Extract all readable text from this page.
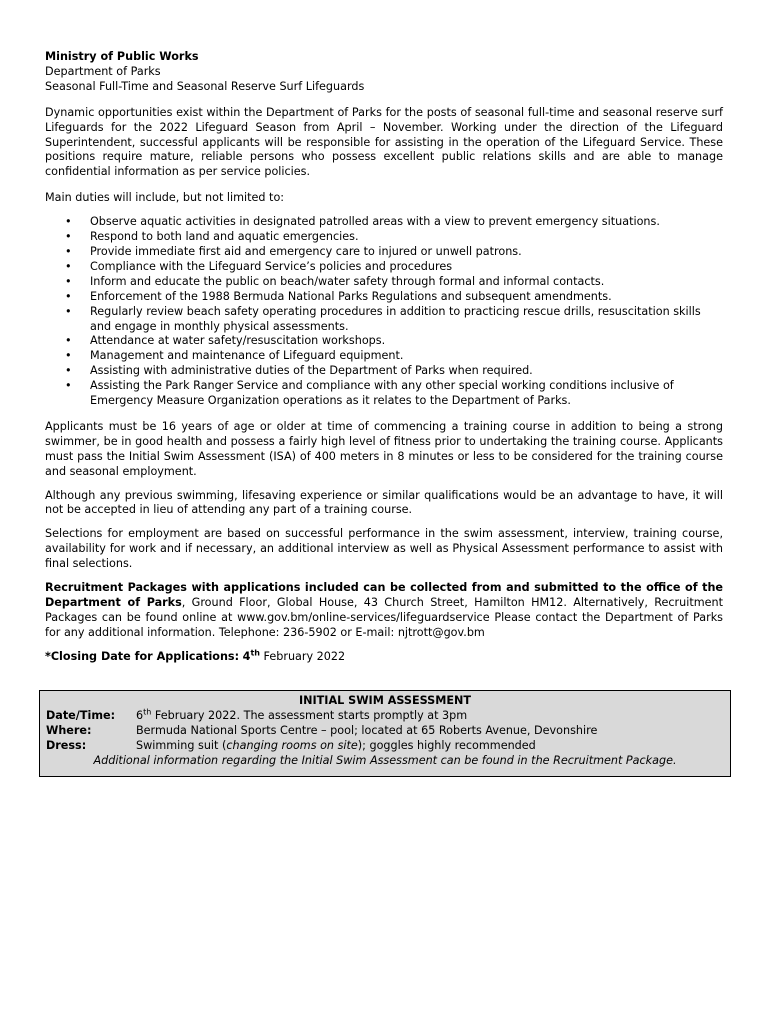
Ministry of Public Works

Department of Parks

Seasonal Full-Time and Seasonal Reserve Surf Lifeguards

Dynamic opportunities exist within the Department of Parks for the posts of seasonal full-time and seasonal reserve surf Lifeguards for the 2022 Lifeguard Season from April – November. Working under the direction of the Lifeguard Superintendent, successful applicants will be responsible for assisting in the operation of the Lifeguard Service. These positions require mature, reliable persons who possess excellent public relations skills and are able to manage confidential information as per service policies.

Main duties will include, but not limited to:

• Observe aquatic activities in designated patrolled areas with a view to prevent emergency situations.
• Respond to both land and aquatic emergencies.
• Provide immediate first aid and emergency care to injured or unwell patrons.
• Compliance with the Lifeguard Service’s policies and procedures
• Inform and educate the public on beach/water safety through formal and informal contacts.
• Enforcement of the 1988 Bermuda National Parks Regulations and subsequent amendments.
• Regularly review beach safety operating procedures in addition to practicing rescue drills, resuscitation skills and engage in monthly physical assessments.
• Attendance at water safety/resuscitation workshops.
• Management and maintenance of Lifeguard equipment.
• Assisting with administrative duties of the Department of Parks when required.
• Assisting the Park Ranger Service and compliance with any other special working conditions inclusive of Emergency Measure Organization operations as it relates to the Department of Parks.

Applicants must be 16 years of age or older at time of commencing a training course in addition to being a strong swimmer, be in good health and possess a fairly high level of fitness prior to undertaking the training course. Applicants must pass the Initial Swim Assessment (ISA) of 400 meters in 8 minutes or less to be considered for the training course and seasonal employment.

Although any previous swimming, lifesaving experience or similar qualifications would be an advantage to have, it will not be accepted in lieu of attending any part of a training course.

Selections for employment are based on successful performance in the swim assessment, interview, training course, availability for work and if necessary, an additional interview as well as Physical Assessment performance to assist with final selections.

Recruitment Packages with applications included can be collected from and submitted to the office of the Department of Parks, Ground Floor, Global House, 43 Church Street, Hamilton HM12. Alternatively, Recruitment Packages can be found online at www.gov.bm/online-services/lifeguardservice Please contact the Department of Parks for any additional information. Telephone: 236-5902 or E-mail: njtrott@gov.bm

*Closing Date for Applications: 4th February 2022

INITIAL SWIM ASSESSMENT
Date/Time:	6th February 2022. The assessment starts promptly at 3pm
Where:	Bermuda National Sports Centre – pool; located at 65 Roberts Avenue, Devonshire
Dress:	Swimming suit (changing rooms on site); goggles highly recommended
Additional information regarding the Initial Swim Assessment can be found in the Recruitment Package.
